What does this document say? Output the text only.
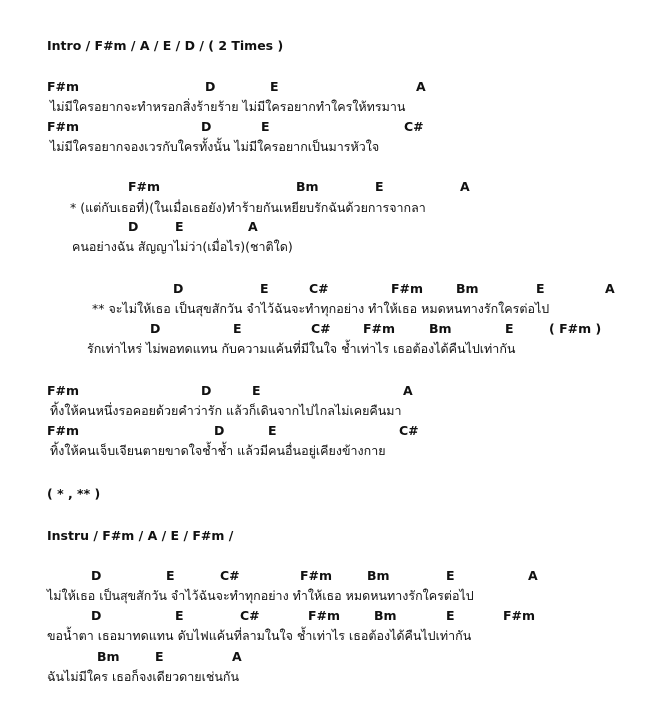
Intro / F#m / A / E / D / ( 2 Times )
F#m	D	E	A
ไม่มีใครอยากจะทำหรอกสิ่งร้ายร้าย ไม่มีใครอยากทำใครให้ทรมาน
F#m	D	E	C#
ไม่มีใครอยากจองเวรกับใครทั้งนั้น ไม่มีใครอยากเป็นมารหัวใจ
F#m	Bm	E	A
* (แต่กับเธอที่)(ในเมื่อเธอยัง)ทำร้ายกันเหยียบรักฉันด้วยการจากลา
D	E	A
คนอย่างฉัน สัญญาไม่ว่า(เมื่อไร)(ชาติใด)
D	E	C#	F#m	Bm	E	A
** จะไม่ให้เธอ เป็นสุขสักวัน จำไว้ฉันจะทำทุกอย่าง ทำให้เธอ หมดหนทางรักใครต่อไป
D	E	C#	F#m	Bm	E	( F#m )
รักเท่าไหร่ ไม่พอทดแทน กับความแค้นที่มีในใจ ช้ำเท่าไร เธอต้องได้คืนไปเท่ากัน
F#m	D	E	A
ทิ้งให้คนหนึ่งรอคอยด้วยคำว่ารัก แล้วก็เดินจากไปไกลไม่เคยคืนมา
F#m	D	E	C#
ทิ้งให้คนเจ็บเจียนตายขาดใจช้ำช้ำ แล้วมีคนอื่นอยู่เคียงข้างกาย
( * , ** )
Instru / F#m / A / E / F#m /
D	E	C#	F#m	Bm	E	A
ไม่ให้เธอ เป็นสุขสักวัน จำไว้ฉันจะทำทุกอย่าง ทำให้เธอ หมดหนทางรักใครต่อไป
D	E	C#	F#m	Bm	E	F#m
ขอน้ำตา เธอมาทดแทน ดับไฟแค้นที่ลามในใจ ช้ำเท่าไร เธอต้องได้คืนไปเท่ากัน
Bm	E	A
ฉันไม่มีใคร เธอก็จงเดียวดายเช่นกัน
